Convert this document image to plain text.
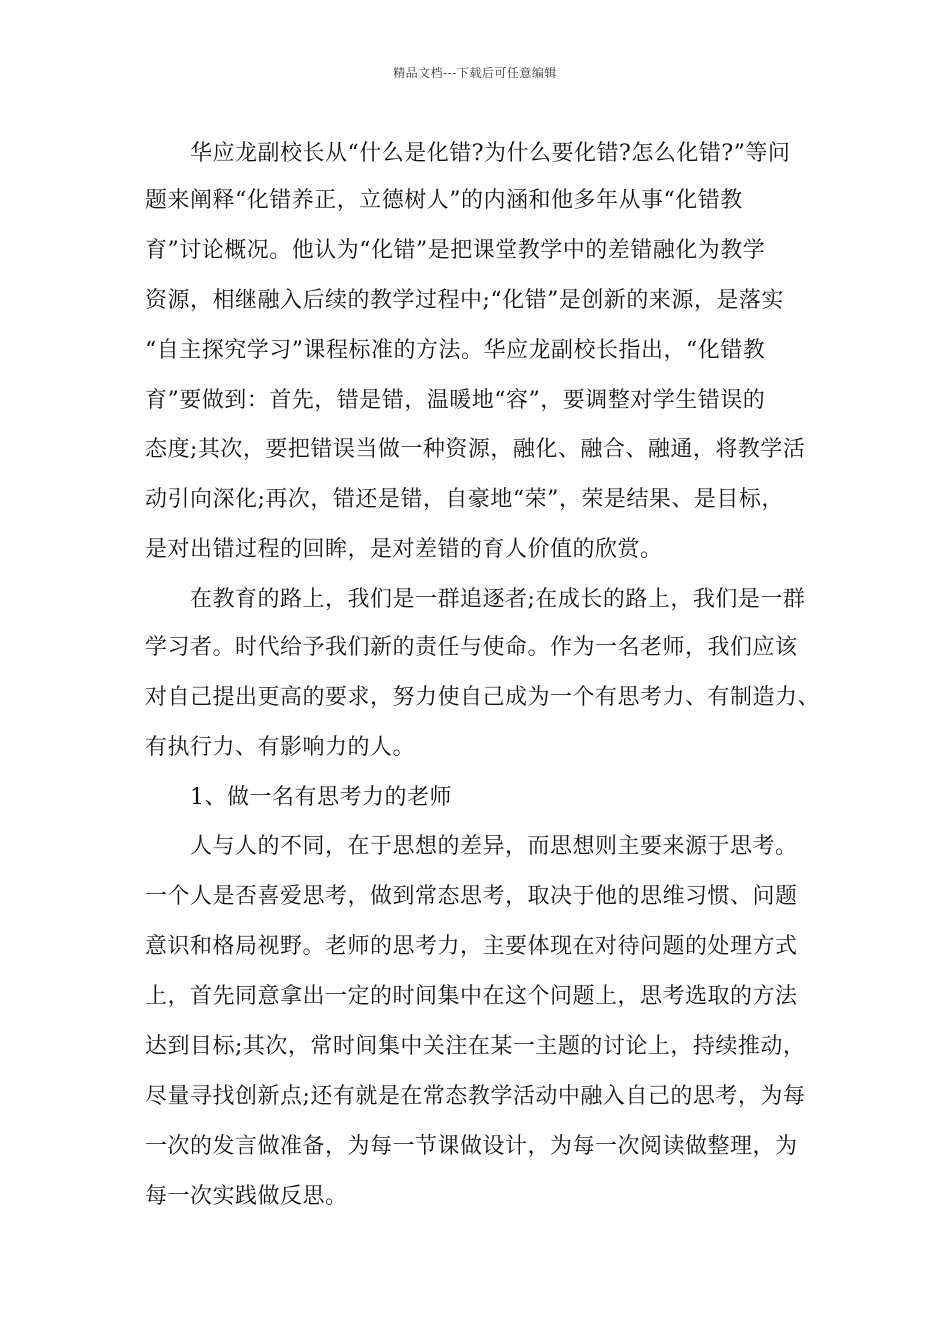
精品文档---下载后可任意编辑
华应龙副校长从“什么是化错?为什么要化错?怎么化错?”等问
题来阐释“化错养正，立德树人”的内涵和他多年从事“化错教
育”讨论概况。他认为“化错”是把课堂教学中的差错融化为教学
资源，相继融入后续的教学过程中;“化错”是创新的来源，是落实
“自主探究学习”课程标准的方法。华应龙副校长指出，“化错教
育”要做到：首先，错是错，温暖地“容”，要调整对学生错误的
态度;其次，要把错误当做一种资源，融化、融合、融通，将教学活
动引向深化;再次，错还是错，自豪地“荣”，荣是结果、是目标，
是对出错过程的回眸，是对差错的育人价值的欣赏。
在教育的路上，我们是一群追逐者;在成长的路上，我们是一群
学习者。时代给予我们新的责任与使命。作为一名老师，我们应该
对自己提出更高的要求，努力使自己成为一个有思考力、有制造力、
有执行力、有影响力的人。
1、做一名有思考力的老师
人与人的不同，在于思想的差异，而思想则主要来源于思考。
一个人是否喜爱思考，做到常态思考，取决于他的思维习惯、问题
意识和格局视野。老师的思考力，主要体现在对待问题的处理方式
上，首先同意拿出一定的时间集中在这个问题上，思考选取的方法
达到目标;其次，常时间集中关注在某一主题的讨论上，持续推动，
尽量寻找创新点;还有就是在常态教学活动中融入自己的思考，为每
一次的发言做准备，为每一节课做设计，为每一次阅读做整理，为
每一次实践做反思。
